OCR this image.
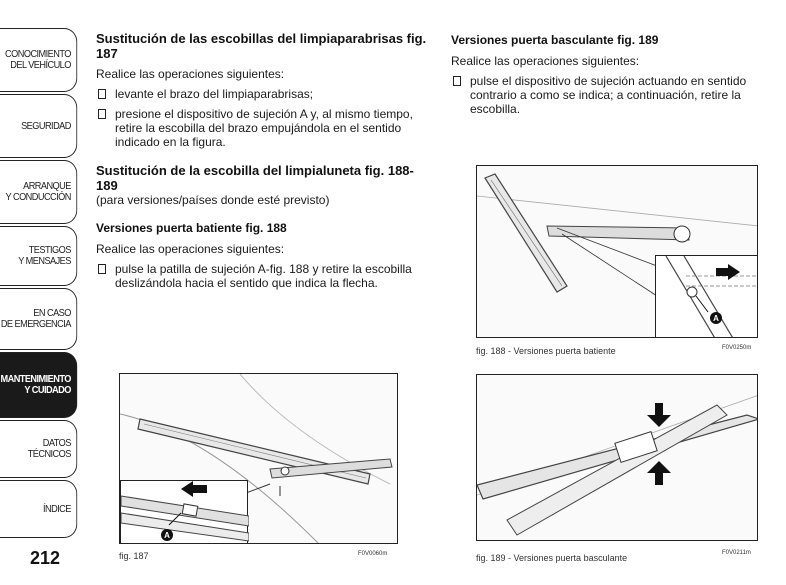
CONOCIMIENTO
DEL VEHÍCULO
SEGURIDAD
ARRANQUE
Y CONDUCCIÓN
TESTIGOS
Y MENSAJES
EN CASO
DE EMERGENCIA
MANTENIMIENTO
Y CUIDADO
DATOS TÉCNICOS
ÍNDICE
212
Sustitución de las escobillas del limpiaparabrisas fig. 187
Realice las operaciones siguientes:
levante el brazo del limpiaparabrisas;
presione el dispositivo de sujeción A y, al mismo tiempo, retire la escobilla del brazo empujándola en el sentido indicado en la figura.
Sustitución de la escobilla del limpialuneta fig. 188-189
(para versiones/países donde esté previsto)
Versiones puerta batiente fig. 188
Realice las operaciones siguientes:
pulse la patilla de sujeción A-fig. 188 y retire la escobilla deslizándola hacia el sentido que indica la flecha.
Versiones puerta basculante fig. 189
Realice las operaciones siguientes:
pulse el dispositivo de sujeción actuando en sentido contrario a como se indica; a continuación, retire la escobilla.
A
fig. 187	F0V0060m
A
fig. 188 - Versiones puerta batiente	F0V0250m
fig. 189 - Versiones puerta basculante	F0V0211m
